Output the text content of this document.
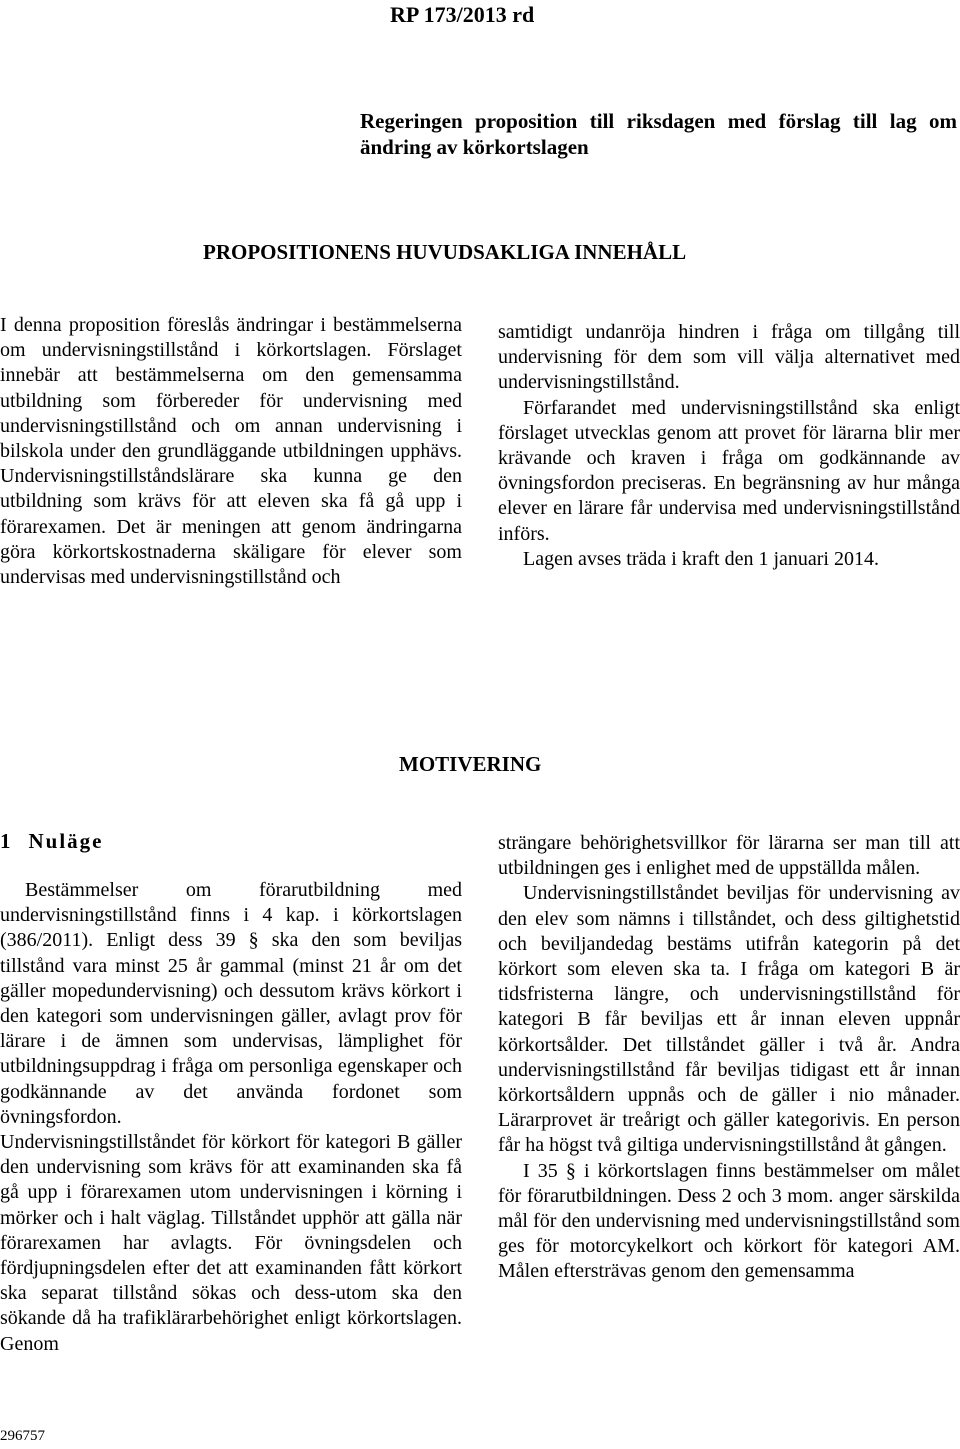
RP 173/2013 rd
Regeringen proposition till riksdagen med förslag till lag om ändring av körkortslagen
PROPOSITIONENS HUVUDSAKLIGA INNEHÅLL

I denna proposition föreslås ändringar i bestämmelserna om undervisningstillstånd i körkortslagen. Förslaget innebär att bestämmelserna om den gemensamma utbildning som förbereder för undervisning med undervisningstillstånd och om annan undervisning i bilskola under den grundläggande utbildningen upphävs. Undervisningstillståndslärare ska kunna ge den utbildning som krävs för att eleven ska få gå upp i förarexamen. Det är meningen att genom ändringarna göra körkortskostnaderna skäligare för elever som undervisas med undervisningstillstånd och

samtidigt undanröja hindren i fråga om tillgång till undervisning för dem som vill välja alternativet med undervisningstillstånd.

Förfarandet med undervisningstillstånd ska enligt förslaget utvecklas genom att provet för lärarna blir mer krävande och kraven i fråga om godkännande av övningsfordon preciseras. En begränsning av hur många elever en lärare får undervisa med undervisningstillstånd införs.

Lagen avses träda i kraft den 1 januari 2014.

MOTIVERING
1 Nuläge

Bestämmelser om förarutbildning med undervisningstillstånd finns i 4 kap. i körkortslagen (386/2011). Enligt dess 39 § ska den som beviljas tillstånd vara minst 25 år gammal (minst 21 år om det gäller mopedundervisning) och dessutom krävs körkort i den kategori som undervisningen gäller, avlagt prov för lärare i de ämnen som undervisas, lämplighet för utbildningsuppdrag i fråga om personliga egenskaper och godkännande av det använda fordonet som övningsfordon.

Undervisningstillståndet för körkort för kategori B gäller den undervisning som krävs för att examinanden ska få gå upp i förarexamen utom undervisningen i körning i mörker och i halt väglag. Tillståndet upphör att gälla när förarexamen har avlagts. För övningsdelen och fördjupningsdelen efter det att examinanden fått körkort ska separat tillstånd sökas och dess-utom ska den sökande då ha trafiklärarbehörighet enligt körkortslagen. Genom

strängare behörighetsvillkor för lärarna ser man till att utbildningen ges i enlighet med de uppställda målen.

Undervisningstillståndet beviljas för undervisning av den elev som nämns i tillståndet, och dess giltighetstid och beviljandedag bestäms utifrån kategorin på det körkort som eleven ska ta. I fråga om kategori B är tidsfristerna längre, och undervisningstillstånd för kategori B får beviljas ett år innan eleven uppnår körkortsålder. Det tillståndet gäller i två år. Andra undervisningstillstånd får beviljas tidigast ett år innan körkortsåldern uppnås och de gäller i nio månader. Lärarprovet är treårigt och gäller kategorivis. En person får ha högst två giltiga undervisningstillstånd åt gången.

I 35 § i körkortslagen finns bestämmelser om målet för förarutbildningen. Dess 2 och 3 mom. anger särskilda mål för den undervisning med undervisningstillstånd som ges för motorcykelkort och körkort för kategori AM. Målen eftersträvas genom den gemensamma

296757
